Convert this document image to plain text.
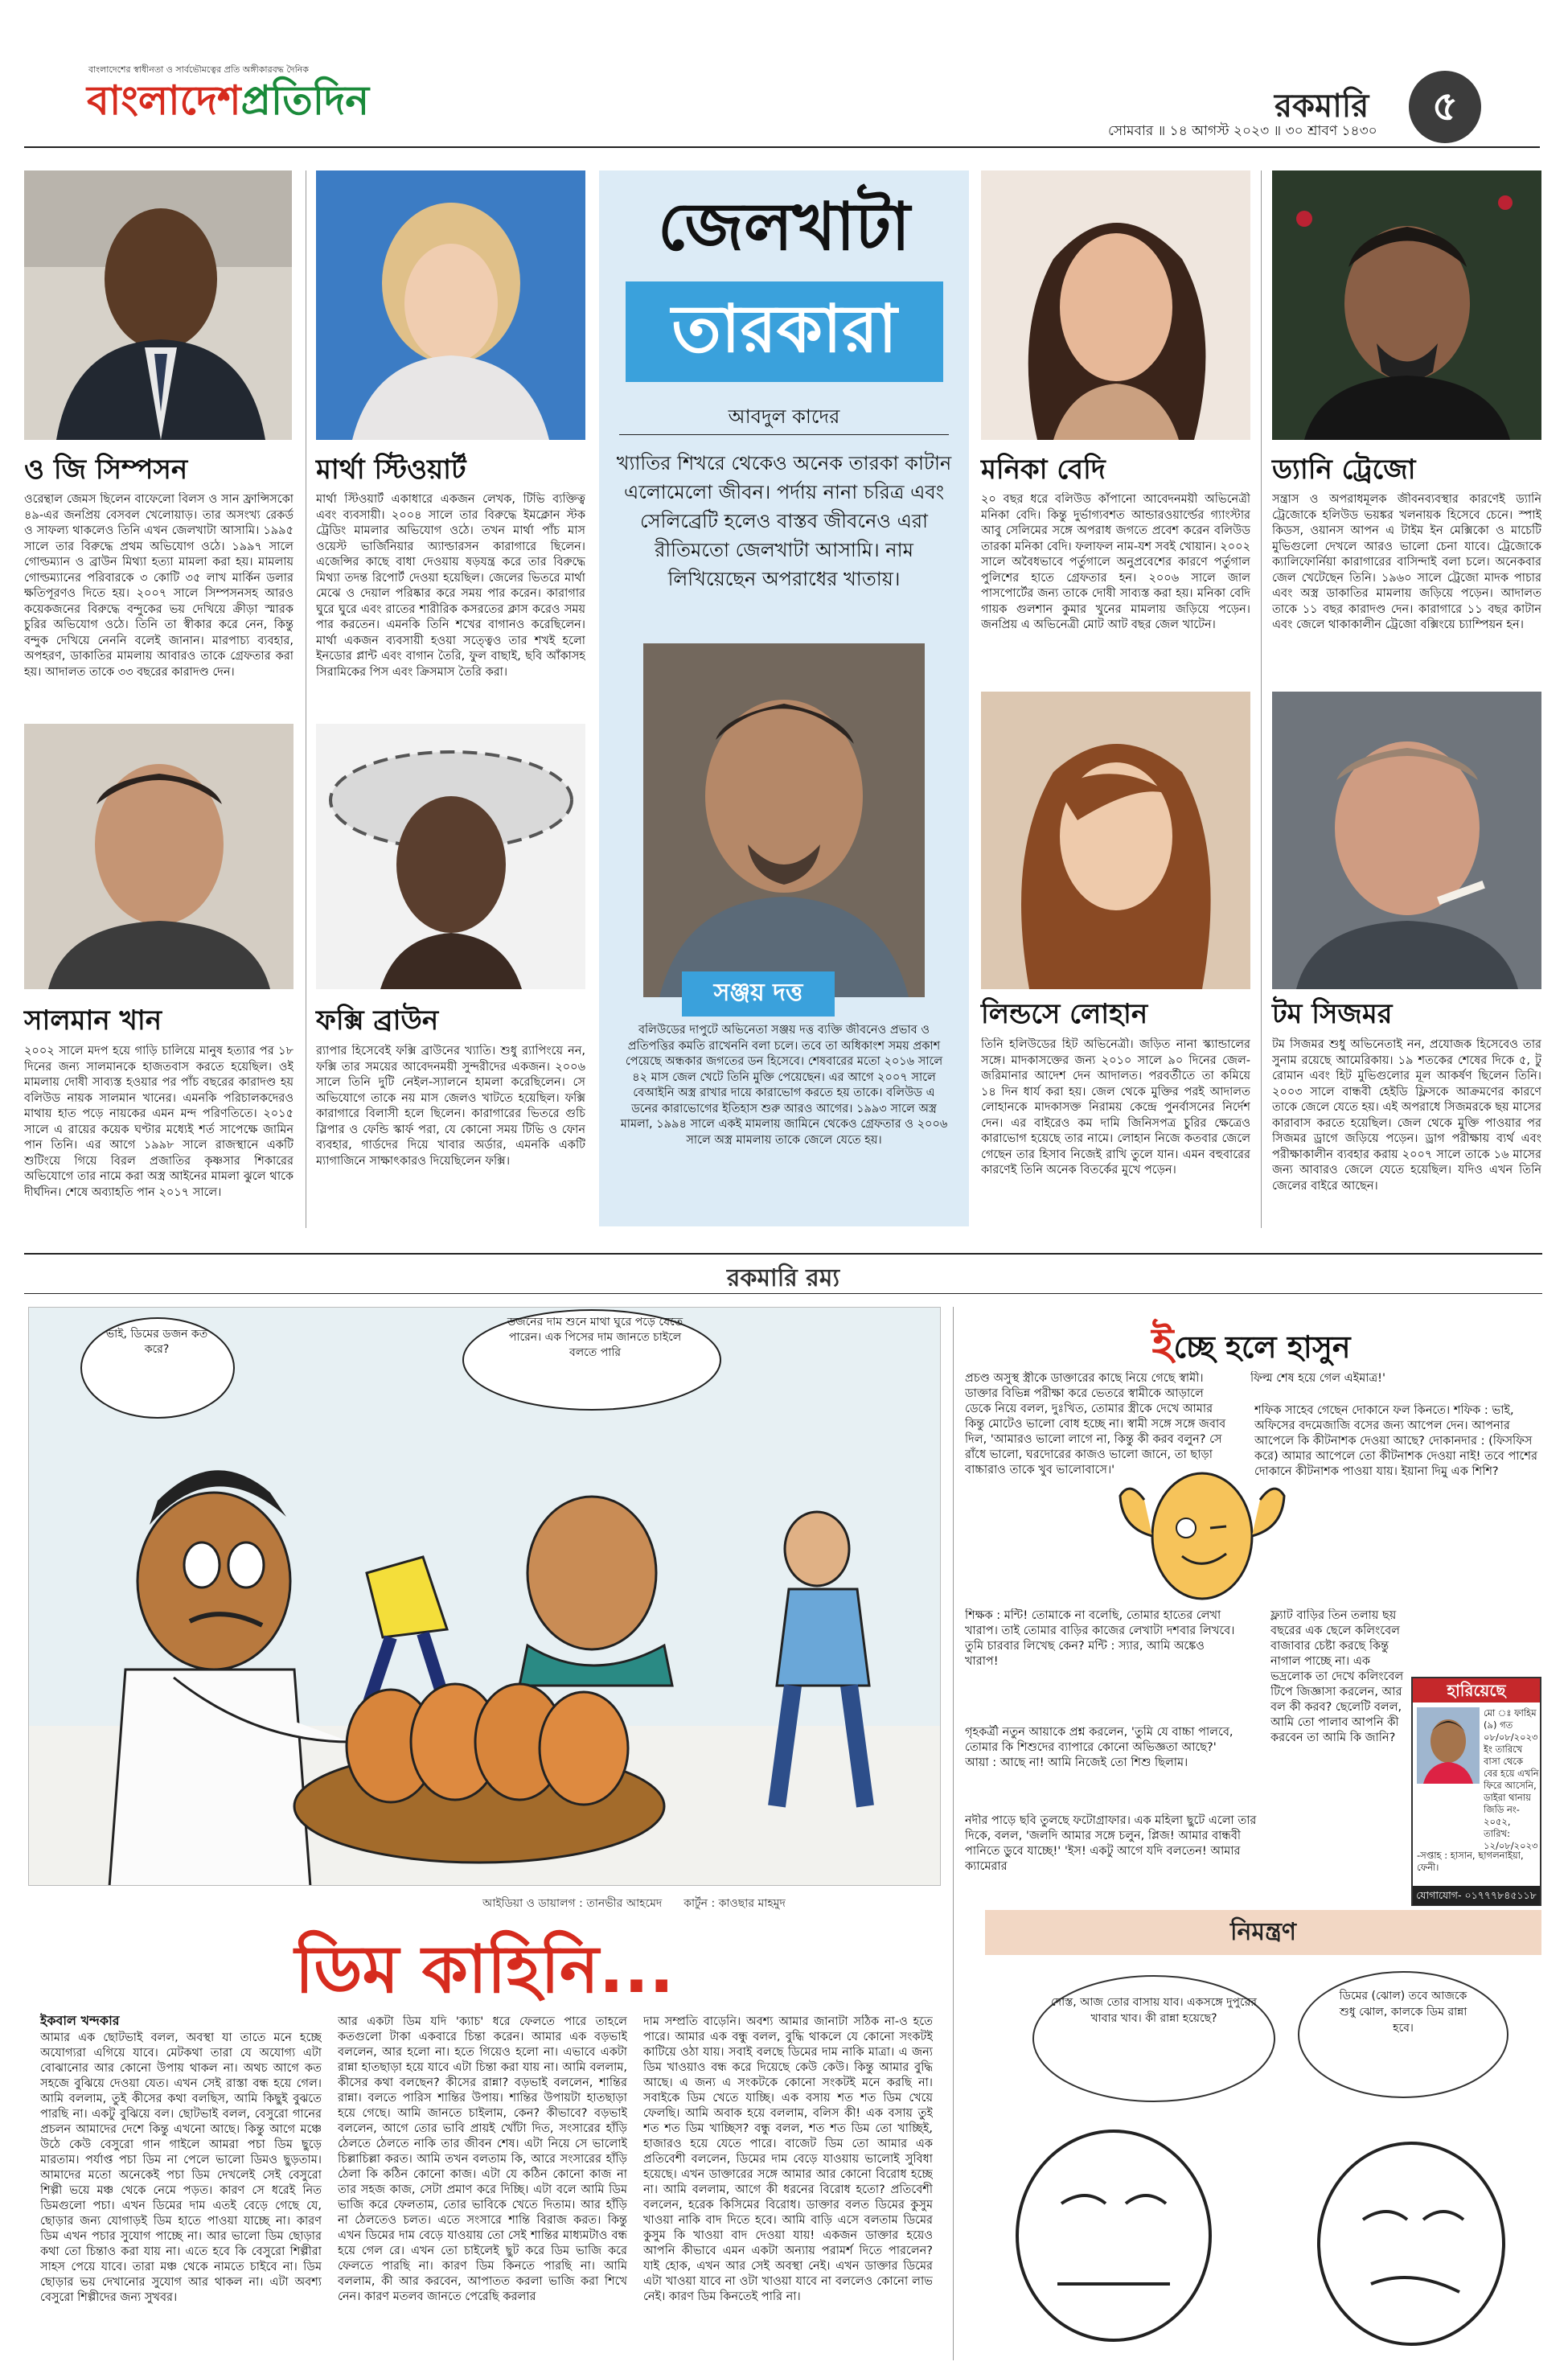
বাংলাদেশের স্বাধীনতা ও সার্বভৌমত্বের প্রতি অঙ্গীকারবদ্ধ দৈনিক
বাংলাদেশপ্রতিদিন	রকমারি	৫
সোমবার ॥ ১৪ আগস্ট ২০২৩ ॥ ৩০ শ্রাবণ ১৪৩০
ও জি সিম্পসন
ওরেন্থাল জেমস ছিলেন বাফেলো বিলস ও সান ফ্রান্সিসকো ৪৯-এর জনপ্রিয় বেসবল খেলোয়াড়। তার অসংখ্য রেকর্ড ও সাফল্য থাকলেও তিনি এখন জেলখাটা আসামি। ১৯৯৫ সালে তার বিরুদ্ধে প্রথম অভিযোগ ওঠে। ১৯৯৭ সালে গোল্ডম্যান ও ব্রাউন মিথ্যা হত্যা মামলা করা হয়। মামলায় গোল্ডম্যানের পরিবারকে ৩ কোটি ৩৫ লাখ মার্কিন ডলার ক্ষতিপূরণও দিতে হয়। ২০০৭ সালে সিম্পসনসহ আরও কয়েকজনের বিরুদ্ধে বন্দুকের ভয় দেখিয়ে ক্রীড়া স্মারক চুরির অভিযোগ ওঠে। তিনি তা স্বীকার করে নেন, কিন্তু বন্দুক দেখিয়ে নেননি বলেই জানান। মারপাচ্য ব্যবহার, অপহরণ, ডাকাতির মামলায় আবারও তাকে গ্রেফতার করা হয়। আদালত তাকে ৩৩ বছরের কারাদণ্ড দেন।
মার্থা স্টিওয়ার্ট
মার্থা স্টিওয়ার্ট একাধারে একজন লেখক, টিভি ব্যক্তিত্ব এবং ব্যবসায়ী। ২০০৪ সালে তার বিরুদ্ধে ইমক্লোন স্টক ট্রেডিং মামলার অভিযোগ ওঠে। তখন মার্থা পাঁচ মাস ওয়েস্ট ভার্জিনিয়ার অ্যাল্ডারসন কারাগারে ছিলেন। এজেন্সির কাছে বাধা দেওয়ায় ষড়যন্ত্র করে তার বিরুদ্ধে মিথ্যা তদন্ত রিপোর্ট দেওয়া হয়েছিল। জেলের ভিতরে মার্থা মেঝে ও দেয়াল পরিষ্কার করে সময় পার করেন। কারাগার ঘুরে ঘুরে এবং রাতের শারীরিক কসরতের ক্লাস করেও সময় পার করতেন। এমনকি তিনি শখের বাগানও করেছিলেন। মার্থা একজন ব্যবসায়ী হওয়া সত্ত্বেও তার শখই হলো ইনডোর প্লান্ট এবং বাগান তৈরি, ফুল বাছাই, ছবি আঁকাসহ সিরামিকের পিস এবং ক্রিসমাস তৈরি করা।
জেলখাটা
তারকারা
আবদুল কাদের
খ্যাতির শিখরে থেকেও অনেক তারকা কাটান এলোমেলো জীবন। পর্দায় নানা চরিত্র এবং সেলিব্রেটি হলেও বাস্তব জীবনেও এরা রীতিমতো জেলখাটা আসামি। নাম লিখিয়েছেন অপরাধের খাতায়।
সঞ্জয় দত্ত
বলিউডের দাপুটে অভিনেতা সঞ্জয় দত্ত ব্যক্তি জীবনেও প্রভাব ও প্রতিপত্তির কমতি রাখেননি বলা চলে। তবে তা অধিকাংশ সময় প্রকাশ পেয়েছে অন্ধকার জগতের ডন হিসেবে। শেষবারের মতো ২০১৬ সালে ৪২ মাস জেল খেটে তিনি মুক্তি পেয়েছেন। এর আগে ২০০৭ সালে বেআইনি অস্ত্র রাখার দায়ে কারাভোগ করতে হয় তাকে। বলিউড এ ডনের কারাভোগের ইতিহাস শুরু আরও আগের। ১৯৯৩ সালে অস্ত্র মামলা, ১৯৯৪ সালে একই মামলায় জামিনে থেকেও গ্রেফতার ও ২০০৬ সালে অস্ত্র মামলায় তাকে জেলে যেতে হয়।
মনিকা বেদি
২০ বছর ধরে বলিউড কাঁপানো আবেদনময়ী অভিনেত্রী মনিকা বেদি। কিন্তু দুর্ভাগ্যবশত আন্ডারওয়ার্ল্ডের গ্যাংস্টার আবু সেলিমের সঙ্গে অপরাধ জগতে প্রবেশ করেন বলিউড তারকা মনিকা বেদি। ফলাফল নাম-যশ সবই খোয়ান। ২০০২ সালে অবৈধভাবে পর্তুগালে অনুপ্রবেশের কারণে পর্তুগাল পুলিশের হাতে গ্রেফতার হন। ২০০৬ সালে জাল পাসপোর্টের জন্য তাকে দোষী সাব্যস্ত করা হয়। মনিকা বেদি গায়ক গুলশান কুমার খুনের মামলায় জড়িয়ে পড়েন। জনপ্রিয় এ অভিনেত্রী মোট আট বছর জেল খাটেন।
ড্যানি ট্রেজো
সন্ত্রাস ও অপরাধমূলক জীবনব্যবস্থার কারণেই ড্যানি ট্রেজোকে হলিউড ভয়ঙ্কর খলনায়ক হিসেবে চেনে। স্পাই কিডস, ওয়ানস আপন এ টাইম ইন মেক্সিকো ও মাচেটি মুভিগুলো দেখলে আরও ভালো চেনা যাবে। ট্রেজোকে ক্যালিফোর্নিয়া কারাগারের বাসিন্দাই বলা চলে। অনেকবার জেল খেটেছেন তিনি। ১৯৬০ সালে ট্রেজো মাদক পাচার এবং অস্ত্র ডাকাতির মামলায় জড়িয়ে পড়েন। আদালত তাকে ১১ বছর কারাদণ্ড দেন। কারাগারে ১১ বছর কাটান এবং জেলে থাকাকালীন ট্রেজো বক্সিংয়ে চ্যাম্পিয়ন হন।
সালমান খান
২০০২ সালে মদপ হয়ে গাড়ি চালিয়ে মানুষ হত্যার পর ১৮ দিনের জন্য সালমানকে হাজতবাস করতে হয়েছিল। ওই মামলায় দোষী সাব্যস্ত হওয়ার পর পাঁচ বছরের কারাদণ্ড হয় বলিউড নায়ক সালমান খানের। এমনকি পরিচালকদেরও মাথায় হাত পড়ে নায়কের এমন মন্দ পরিণতিতে। ২০১৫ সালে এ রায়ের কয়েক ঘণ্টার মধ্যেই শর্ত সাপেক্ষে জামিন পান তিনি। এর আগে ১৯৯৮ সালে রাজস্থানে একটি শুটিংয়ে গিয়ে বিরল প্রজাতির কৃষ্ণসার শিকারের অভিযোগে তার নামে করা অস্ত্র আইনের মামলা ঝুলে থাকে দীর্ঘদিন। শেষে অব্যাহতি পান ২০১৭ সালে।
ফক্সি ব্রাউন
র‌্যাপার হিসেবেই ফক্সি ব্রাউনের খ্যাতি। শুধু র‌্যাপিংয়ে নন, ফক্সি তার সময়ের আবেদনময়ী সুন্দরীদের একজন। ২০০৬ সালে তিনি দুটি নেইল-স্যালনে হামলা করেছিলেন। সে অভিযোগে তাকে নয় মাস জেলও খাটতে হয়েছিল। ফক্সি কারাগারে বিলাসী হলে ছিলেন। কারাগারের ভিতরে গুচি স্লিপার ও ফেন্ডি স্কার্ফ পরা, যে কোনো সময় টিভি ও ফোন ব্যবহার, গার্ডদের দিয়ে খাবার অর্ডার, এমনকি একটি ম্যাগাজিনে সাক্ষাৎকারও দিয়েছিলেন ফক্সি।
লিন্ডসে লোহান
তিনি হলিউডের হিট অভিনেত্রী। জড়িত নানা স্ক্যান্ডালের সঙ্গে। মাদকাসক্তের জন্য ২০১০ সালে ৯০ দিনের জেল-জরিমানার আদেশ দেন আদালত। পরবর্তীতে তা কমিয়ে ১৪ দিন ধার্য করা হয়। জেল থেকে মুক্তির পরই আদালত লোহানকে মাদকাসক্ত নিরাময় কেন্দ্রে পুনর্বাসনের নির্দেশ দেন। এর বাইরেও কম দামি জিনিসপত্র চুরির ক্ষেত্রেও কারাভোগ হয়েছে তার নামে। লোহান নিজে কতবার জেলে গেছেন তার হিসাব নিজেই রাখি তুলে যান। এমন বহুবারের কারণেই তিনি অনেক বিতর্কের মুখে পড়েন।
টম সিজমর
টম সিজমর শুধু অভিনেতাই নন, প্রযোজক হিসেবেও তার সুনাম রয়েছে আমেরিকায়। ১৯ শতকের শেষের দিকে ৫, টু রোমান এবং হিট মুভিগুলোর মূল আকর্ষণ ছিলেন তিনি। ২০০৩ সালে বান্ধবী হেইডি ফ্লিসকে আক্রমণের কারণে তাকে জেলে যেতে হয়। এই অপরাধে সিজমরকে ছয় মাসের কারাবাস করতে হয়েছিল। জেল থেকে মুক্তি পাওয়ার পর সিজমর ড্রাগে জড়িয়ে পড়েন। ড্রাগ পরীক্ষায় ব্যর্থ এবং পরীক্ষাকালীন ব্যবহার করায় ২০০৭ সালে তাকে ১৬ মাসের জন্য আবারও জেলে যেতে হয়েছিল। যদিও এখন তিনি জেলের বাইরে আছেন।
রকমারি রম্য
ভাই, ডিমের ডজন কত করে?
ডজনের দাম শুনে মাথা ঘুরে পড়ে যেতে পারেন। এক পিসের দাম জানতে চাইলে বলতে পারি
আইডিয়া ও ডায়ালগ : তানভীর আহমেদ কার্টুন : কাওছার মাহমুদ
ডিম কাহিনি...
ইকবাল খন্দকার
আমার এক ছোটভাই বলল, অবস্থা যা তাতে মনে হচ্ছে অযোগ্যরা এগিয়ে যাবে। মেটকথা তারা যে অযোগ্য এটা বোঝানোর আর কোনো উপায় থাকল না। অথচ আগে কত সহজে বুঝিয়ে দেওয়া যেত। এখন সেই রাস্তা বন্ধ হয়ে গেল। আমি বললাম, তুই কীসের কথা বলছিস, আমি কিছুই বুঝতে পারছি না। একটু বুঝিয়ে বল। ছোটভাই বলল, বেসুরো গানের প্রচলন আমাদের দেশে কিন্তু এখনো আছে। কিন্তু আগে মঞ্চে উঠে কেউ বেসুরো গান গাইলে আমরা পচা ডিম ছুড়ে মারতাম। পর্যাপ্ত পচা ডিম না পেলে ভালো ডিমও ছুড়তাম। আমাদের মতো অনেকেই পচা ডিম দেখলেই সেই বেসুরো শিল্পী ভয়ে মঞ্চ থেকে নেমে পড়ত। কারণ সে ধরেই নিত ডিমগুলো পচা। এখন ডিমের দাম এতই বেড়ে গেছে যে, ছোড়ার জন্য যোগাড়ই ডিম হাতে পাওয়া যাচ্ছে না। কারণ ডিম এখন পচার সুযোগ পাচ্ছে না। আর ভালো ডিম ছোড়ার কথা তো চিন্তাও করা যায় না। এতে হবে কি বেসুরো শিল্পীরা সাহস পেয়ে যাবে। তারা মঞ্চ থেকে নামতে চাইবে না। ডিম ছোড়ার ভয় দেখানোর সুযোগ আর থাকল না। এটা অবশ্য বেসুরো শিল্পীদের জন্য সুখবর।
আর একটা ডিম যদি 'ক্যাচ' ধরে ফেলতে পারে তাহলে কতগুলো টাকা একবারে চিন্তা করেন। আমার এক বড়ভাই বললেন, আর হলো না। হতে গিয়েও হলো না। এভাবে একটা রান্না হাতছাড়া হয়ে যাবে এটা চিন্তা করা যায় না। আমি বললাম, কীসের কথা বলছেন? কীসের রান্না? বড়ভাই বললেন, শান্তির রান্না। বলতে পারিস শান্তির উপায়। শান্তির উপায়টা হাতছাড়া হয়ে গেছে। আমি জানতে চাইলাম, কেন? কীভাবে? বড়ভাই বললেন, আগে তোর ভাবি প্রায়ই খোঁটা দিত, সংসারের হাঁড়ি ঠেলতে ঠেলতে নাকি তার জীবন শেষ। এটা নিয়ে সে ভালোই চিল্লাচিল্লা করত। আমি তখন বলতাম কি, আরে সংসারের হাঁড়ি ঠেলা কি কঠিন কোনো কাজ। এটা যে কঠিন কোনো কাজ না তার সহজ কাজ, সেটা প্রমাণ করে দিচ্ছি। এটা বলে আমি ডিম ভাজি করে ফেলতাম, তোর ভাবিকে খেতে দিতাম। আর হাঁড়ি না ঠেলতেও চলত। এতে সংসারে শান্তি বিরাজ করত। কিন্তু এখন ডিমের দাম বেড়ে যাওয়ায় তো সেই শান্তির মাধ্যমটাও বন্ধ হয়ে গেল রে। এখন তো চাইলেই ছুট করে ডিম ভাজি করে ফেলতে পারছি না। কারণ ডিম কিনতে পারছি না। আমি বললাম, কী আর করবেন, আপাতত করলা ভাজি করা শিখে নেন। কারণ মতলব জানতে পেরেছি করলার
দাম সম্প্রতি বাড়েনি। অবশ্য আমার জানাটা সঠিক না-ও হতে পারে। আমার এক বন্ধু বলল, বুদ্ধি থাকলে যে কোনো সংকটই কাটিয়ে ওঠা যায়। সবাই বলছে ডিমের দাম নাকি মাত্রা। এ জন্য ডিম খাওয়াও বন্ধ করে দিয়েছে কেউ কেউ। কিন্তু আমার বুদ্ধি আছে। এ জন্য এ সংকটকে কোনো সংকটই মনে করছি না। সবাইকে ডিম খেতে যাচ্ছি। এক বসায় শত শত ডিম খেয়ে ফেলছি। আমি অবাক হয়ে বললাম, বলিস কী! এক বসায় তুই শত শত ডিম খাচ্ছিস? বন্ধু বলল, শত শত ডিম তো খাচ্ছিই, হাজারও হয়ে যেতে পারে। বাজেট ডিম তো আমার এক প্রতিবেশী বললেন, ডিমের দাম বেড়ে যাওয়ায় ভালোই সুবিধা হয়েছে। এখন ডাক্তারের সঙ্গে আমার আর কোনো বিরোধ হচ্ছে না। আমি বললাম, আগে কী ধরনের বিরোধ হতো? প্রতিবেশী বললেন, হরেক কিসিমের বিরোধ। ডাক্তার বলত ডিমের কুসুম খাওয়া নাকি বাদ দিতে হবে। আমি বাড়ি এসে বলতাম ডিমের কুসুম কি খাওয়া বাদ দেওয়া যায়! একজন ডাক্তার হয়েও আপনি কীভাবে এমন একটা অন্যায় পরামর্শ দিতে পারলেন? যাই হোক, এখন আর সেই অবস্থা নেই। এখন ডাক্তার ডিমের এটা খাওয়া যাবে না ওটা খাওয়া যাবে না বললেও কোনো লাভ নেই। কারণ ডিম কিনতেই পারি না।
ইচ্ছে হলে হাসুন
প্রচণ্ড অসুস্থ স্ত্রীকে ডাক্তারের কাছে নিয়ে গেছে স্বামী। ডাক্তার বিভিন্ন পরীক্ষা করে ভেতরে স্বামীকে আড়ালে ডেকে নিয়ে বলল, দুঃখিত, তোমার স্ত্রীকে দেখে আমার কিন্তু মোটেও ভালো বোধ হচ্ছে না। স্বামী সঙ্গে সঙ্গে জবাব দিল, 'আমারও ভালো লাগে না, কিন্তু কী করব বলুন? সে রাঁধে ভালো, ঘরদোরের কাজও ভালো জানে, তা ছাড়া বাচ্চারাও তাকে খুব ভালোবাসে।'
ফিল্ম শেষ হয়ে গেল এইমাত্র!'
শফিক সাহেব গেছেন দোকানে ফল কিনতে। শফিক : ভাই, অফিসের বদমেজাজি বসের জন্য আপেল দেন। আপনার আপেলে কি কীটনাশক দেওয়া আছে? দোকানদার : (ফিসফিস করে) আমার আপেলে তো কীটনাশক দেওয়া নাই! তবে পাশের দোকানে কীটনাশক পাওয়া যায়। ইয়ানা দিমু এক শিশি?
শিক্ষক : মন্টি! তোমাকে না বলেছি, তোমার হাতের লেখা খারাপ। তাই তোমার বাড়ির কাজের লেখাটা দশবার লিখবে। তুমি চারবার লিখেছ কেন? মন্টি : স্যার, আমি অঙ্কেও খারাপ!
ফ্ল্যাট বাড়ির তিন তলায় ছয় বছরের এক ছেলে কলিংবেল বাজাবার চেষ্টা করছে কিন্তু নাগাল পাচ্ছে না। এক ভদ্রলোক তা দেখে কলিংবেল টিপে জিজ্ঞাসা করলেন, আর বল কী করব? ছেলেটি বলল, আমি তো পালাব আপনি কী করবেন তা আমি কি জানি?
গৃহকর্ত্রী নতুন আয়াকে প্রশ্ন করলেন, 'তুমি যে বাচ্চা পালবে, তোমার কি শিশুদের ব্যাপারে কোনো অভিজ্ঞতা আছে?' আয়া : আছে না! আমি নিজেই তো শিশু ছিলাম।
নদীর পাড়ে ছবি তুলছে ফটোগ্রাফার। এক মহিলা ছুটে এলো তার দিকে, বলল, 'জলদি আমার সঙ্গে চলুন, প্লিজ! আমার বান্ধবী পানিতে ডুবে যাচ্ছে!' 'ইস! একটু আগে যদি বলতেন! আমার ক্যামেরার
হারিয়েছে
মো ঃ ফাহিম (৯) গত ০৮/০৮/২০২৩ ইং তারিখে বাসা থেকে বের হয়ে এখনি ফিরে আসেনি, ডাইরা থানায় জিডি নং- ২০৫২, তারিখ: ১২/০৮/২০২৩
-সপ্তাহ : হাসান, ছাগলনাইয়া, ফেনী।
যোগাযোগ- ০১৭৭৭৮৪৫১১৮
নিমন্ত্রণ
দোস্ত, আজ তোর বাসায় যাব। একসঙ্গে দুপুরের খাবার খাব। কী রান্না হয়েছে?
ডিমের (ঝোল) তবে আজকে শুধু ঝোল, কালকে ডিম রান্না হবে।
